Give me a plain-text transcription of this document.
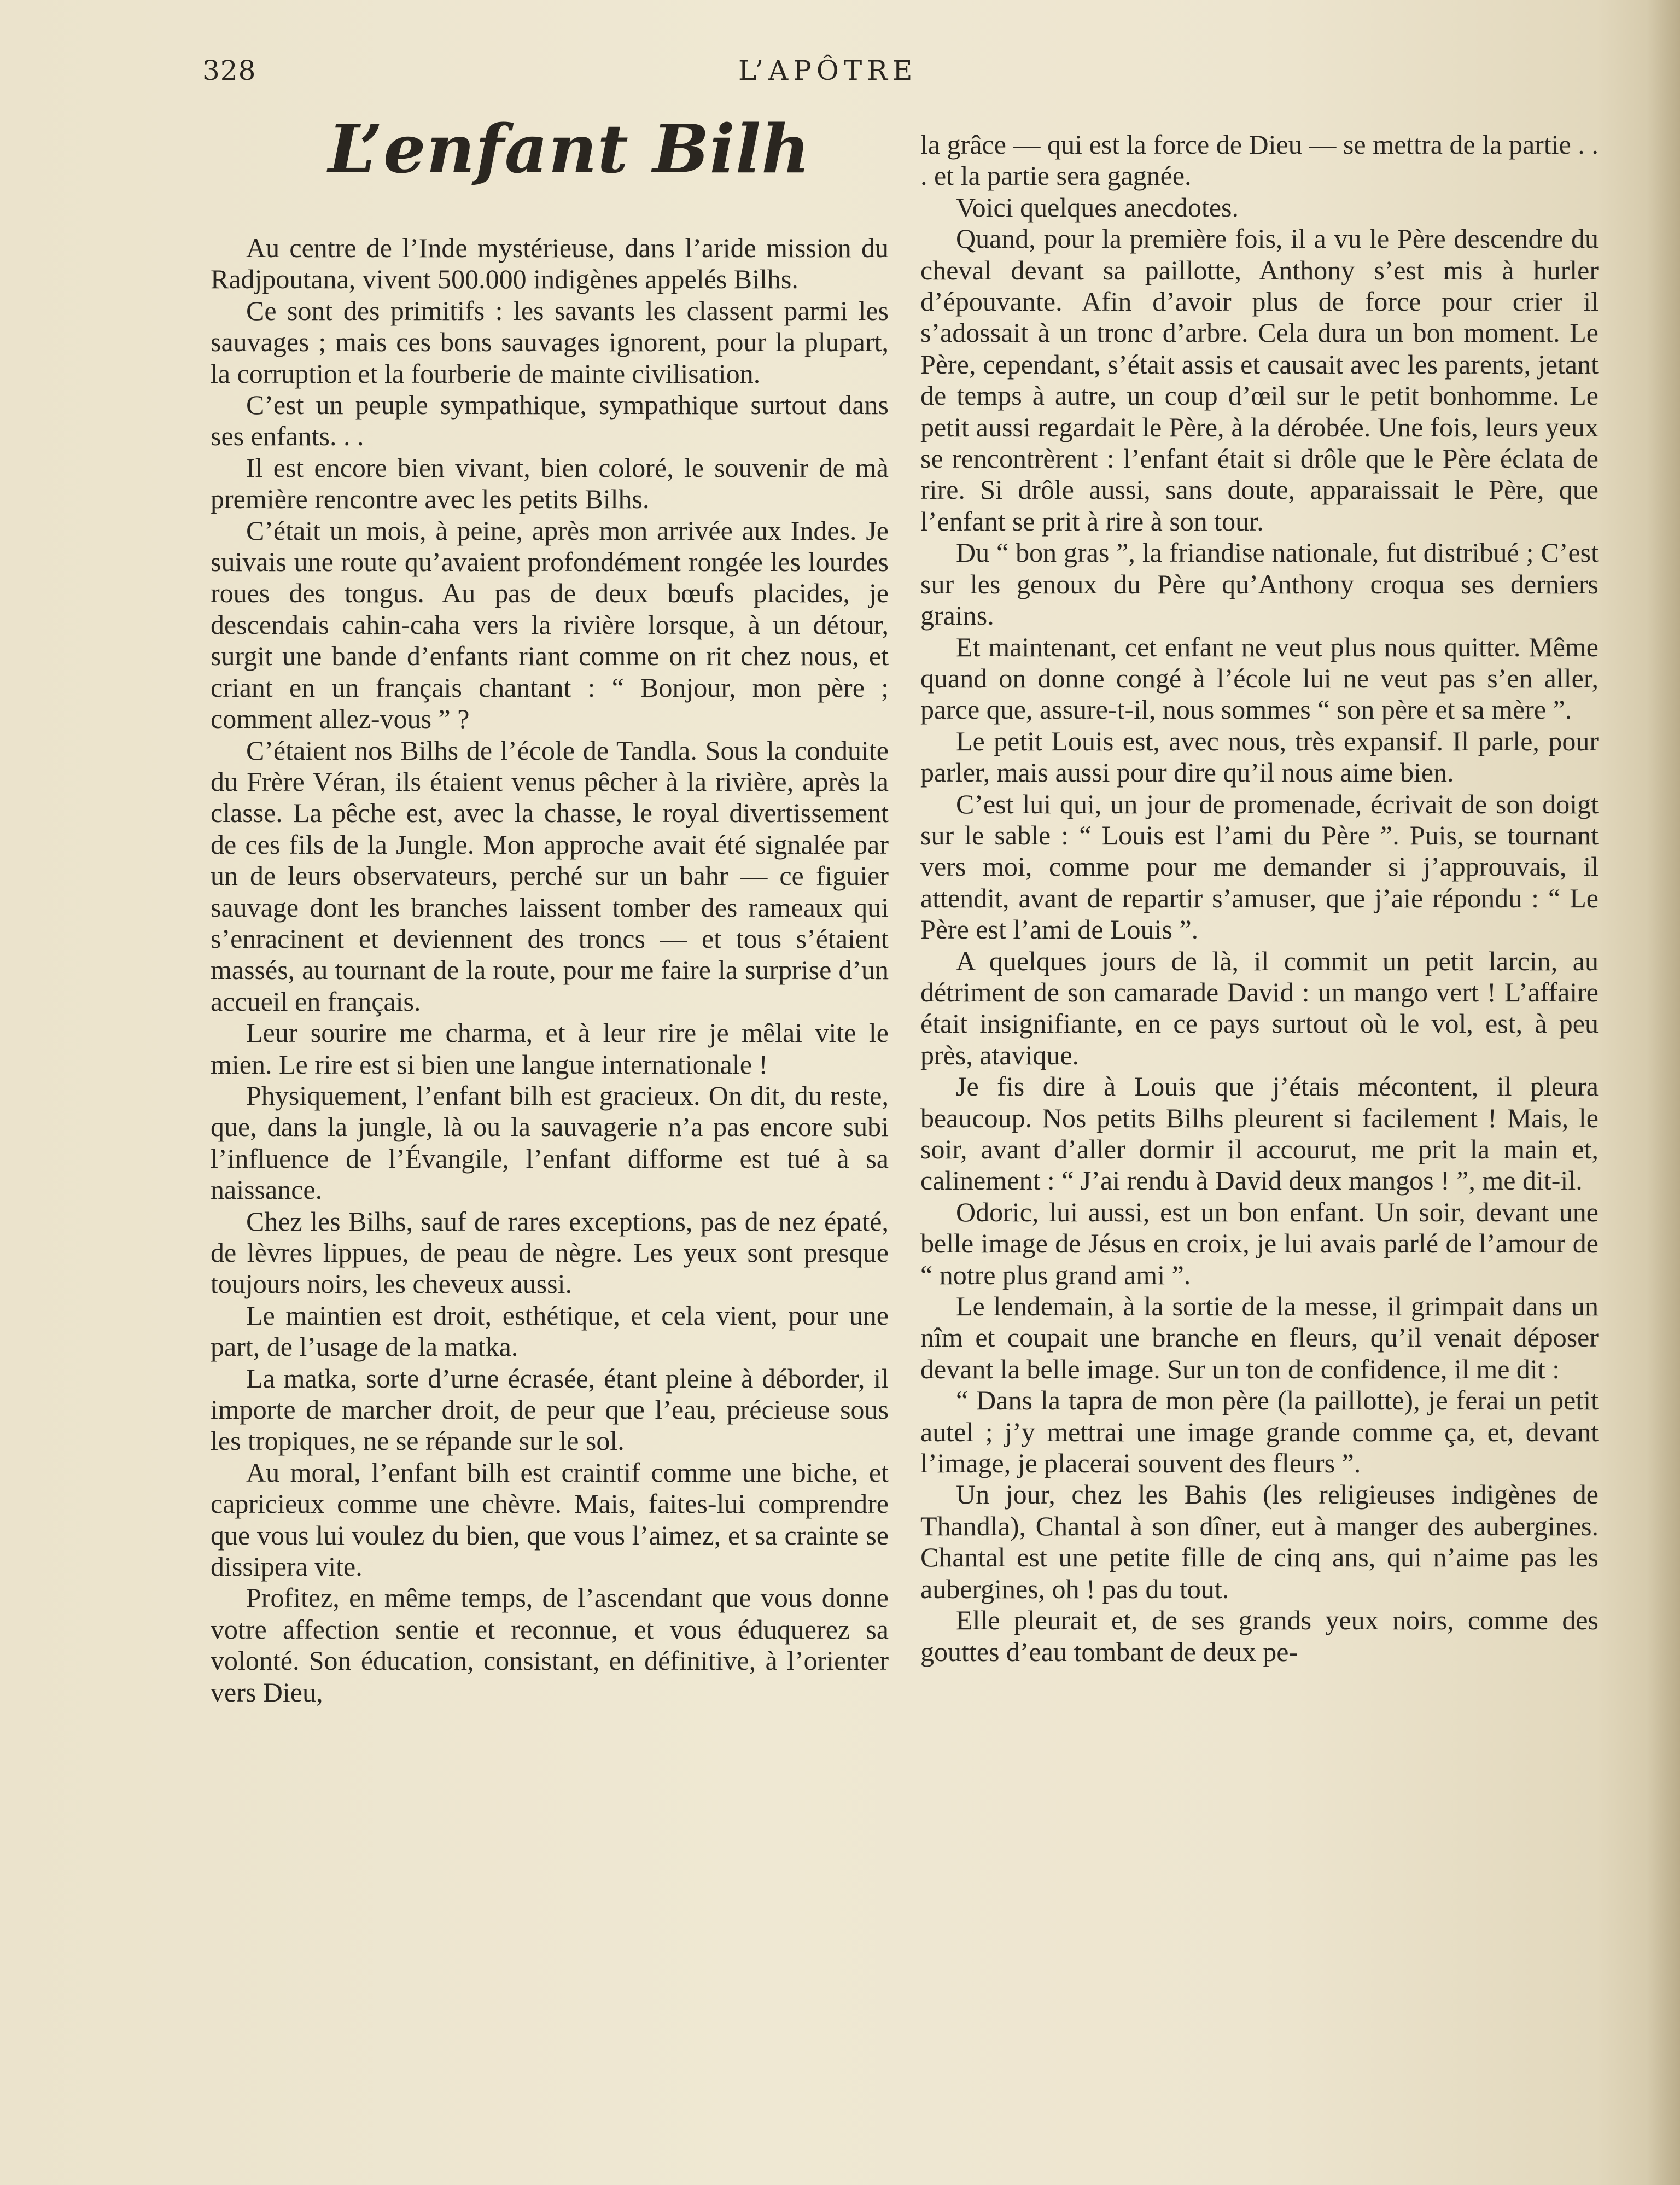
328	L’APÔTRE
L’enfant Bilh

Au centre de l’Inde mystérieuse, dans l’aride mission du Radjpoutana, vivent 500.000 indigènes appelés Bilhs.

Ce sont des primitifs : les savants les classent parmi les sauvages ; mais ces bons sauvages ignorent, pour la plupart, la corruption et la fourberie de mainte civilisation.

C’est un peuple sympathique, sympathique surtout dans ses enfants. . .

Il est encore bien vivant, bien coloré, le souvenir de mà première rencontre avec les petits Bilhs.

C’était un mois, à peine, après mon arrivée aux Indes. Je suivais une route qu’avaient profondément rongée les lourdes roues des tongus. Au pas de deux bœufs placides, je descendais cahin-caha vers la rivière lorsque, à un détour, surgit une bande d’enfants riant comme on rit chez nous, et criant en un français chantant : “ Bonjour, mon père ; comment allez-vous ” ?

C’étaient nos Bilhs de l’école de Tandla. Sous la conduite du Frère Véran, ils étaient venus pêcher à la rivière, après la classe. La pêche est, avec la chasse, le royal divertissement de ces fils de la Jungle. Mon approche avait été signalée par un de leurs observateurs, perché sur un bahr — ce figuier sauvage dont les branches laissent tomber des rameaux qui s’enracinent et deviennent des troncs — et tous s’étaient massés, au tournant de la route, pour me faire la surprise d’un accueil en français.

Leur sourire me charma, et à leur rire je mêlai vite le mien. Le rire est si bien une langue internationale !

Physiquement, l’enfant bilh est gracieux. On dit, du reste, que, dans la jungle, là ou la sauvagerie n’a pas encore subi l’influence de l’Évangile, l’enfant difforme est tué à sa naissance.

Chez les Bilhs, sauf de rares exceptions, pas de nez épaté, de lèvres lippues, de peau de nègre. Les yeux sont presque toujours noirs, les cheveux aussi.

Le maintien est droit, esthétique, et cela vient, pour une part, de l’usage de la matka.

La matka, sorte d’urne écrasée, étant pleine à déborder, il importe de marcher droit, de peur que l’eau, précieuse sous les tropiques, ne se répande sur le sol.

Au moral, l’enfant bilh est craintif comme une biche, et capricieux comme une chèvre. Mais, faites-lui comprendre que vous lui voulez du bien, que vous l’aimez, et sa crainte se dissipera vite.

Profitez, en même temps, de l’ascendant que vous donne votre affection sentie et reconnue, et vous éduquerez sa volonté. Son éducation, consistant, en définitive, à l’orienter vers Dieu,

la grâce — qui est la force de Dieu — se mettra de la partie . . . et la partie sera gagnée.

Voici quelques anecdotes.

Quand, pour la première fois, il a vu le Père descendre du cheval devant sa paillotte, Anthony s’est mis à hurler d’épouvante. Afin d’avoir plus de force pour crier il s’adossait à un tronc d’arbre. Cela dura un bon moment. Le Père, cependant, s’était assis et causait avec les parents, jetant de temps à autre, un coup d’œil sur le petit bonhomme. Le petit aussi regardait le Père, à la dérobée. Une fois, leurs yeux se rencontrèrent : l’enfant était si drôle que le Père éclata de rire. Si drôle aussi, sans doute, apparaissait le Père, que l’enfant se prit à rire à son tour.

Du “ bon gras ”, la friandise nationale, fut distribué ; C’est sur les genoux du Père qu’Anthony croqua ses derniers grains.

Et maintenant, cet enfant ne veut plus nous quitter. Même quand on donne congé à l’école lui ne veut pas s’en aller, parce que, assure-t-il, nous sommes “ son père et sa mère ”.

Le petit Louis est, avec nous, très expansif. Il parle, pour parler, mais aussi pour dire qu’il nous aime bien.

C’est lui qui, un jour de promenade, écrivait de son doigt sur le sable : “ Louis est l’ami du Père ”. Puis, se tournant vers moi, comme pour me demander si j’approuvais, il attendit, avant de repartir s’amuser, que j’aie répondu : “ Le Père est l’ami de Louis ”.

A quelques jours de là, il commit un petit larcin, au détriment de son camarade David : un mango vert ! L’affaire était insignifiante, en ce pays surtout où le vol, est, à peu près, atavique.

Je fis dire à Louis que j’étais mécontent, il pleura beaucoup. Nos petits Bilhs pleurent si facilement ! Mais, le soir, avant d’aller dormir il accourut, me prit la main et, calinement : “ J’ai rendu à David deux mangos ! ”, me dit-il.

Odoric, lui aussi, est un bon enfant. Un soir, devant une belle image de Jésus en croix, je lui avais parlé de l’amour de “ notre plus grand ami ”.

Le lendemain, à la sortie de la messe, il grimpait dans un nîm et coupait une branche en fleurs, qu’il venait déposer devant la belle image. Sur un ton de confidence, il me dit :

“ Dans la tapra de mon père (la paillotte), je ferai un petit autel ; j’y mettrai une image grande comme ça, et, devant l’image, je placerai souvent des fleurs ”.

Un jour, chez les Bahis (les religieuses indigènes de Thandla), Chantal à son dîner, eut à manger des aubergines. Chantal est une petite fille de cinq ans, qui n’aime pas les aubergines, oh ! pas du tout.

Elle pleurait et, de ses grands yeux noirs, comme des gouttes d’eau tombant de deux pe-
